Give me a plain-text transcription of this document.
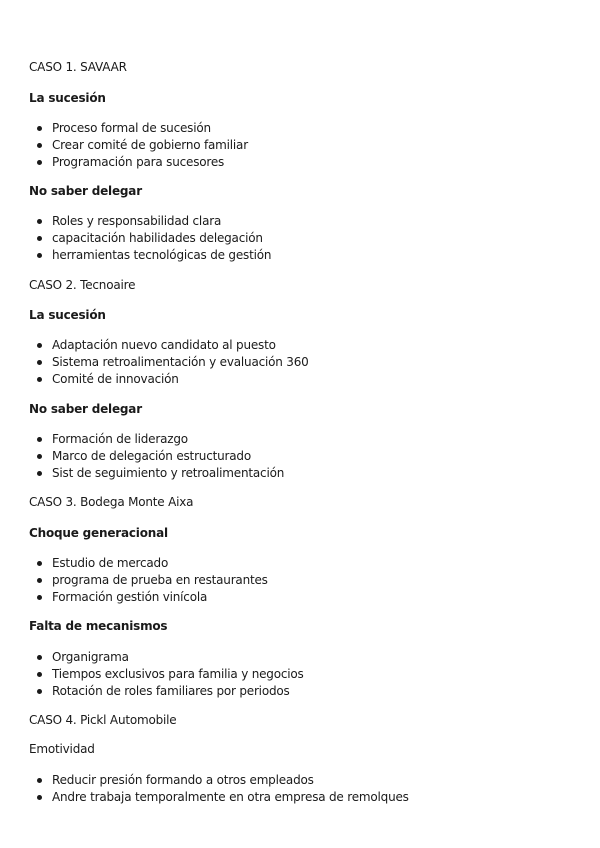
CASO 1. SAVAAR
La sucesión
Proceso formal de sucesión
Crear comité de gobierno familiar
Programación para sucesores
No saber delegar
Roles y responsabilidad clara
capacitación habilidades delegación
herramientas tecnológicas de gestión
CASO 2. Tecnoaire
La sucesión
Adaptación nuevo candidato al puesto
Sistema retroalimentación y evaluación 360
Comité de innovación
No saber delegar
Formación de liderazgo
Marco de delegación estructurado
Sist de seguimiento y retroalimentación
CASO 3. Bodega Monte Aixa
Choque generacional
Estudio de mercado
programa de prueba en restaurantes
Formación gestión vinícola
Falta de mecanismos
Organigrama
Tiempos exclusivos para familia y negocios
Rotación de roles familiares por periodos
CASO 4. Pickl Automobile
Emotividad
Reducir presión formando a otros empleados
Andre trabaja temporalmente en otra empresa de remolques
